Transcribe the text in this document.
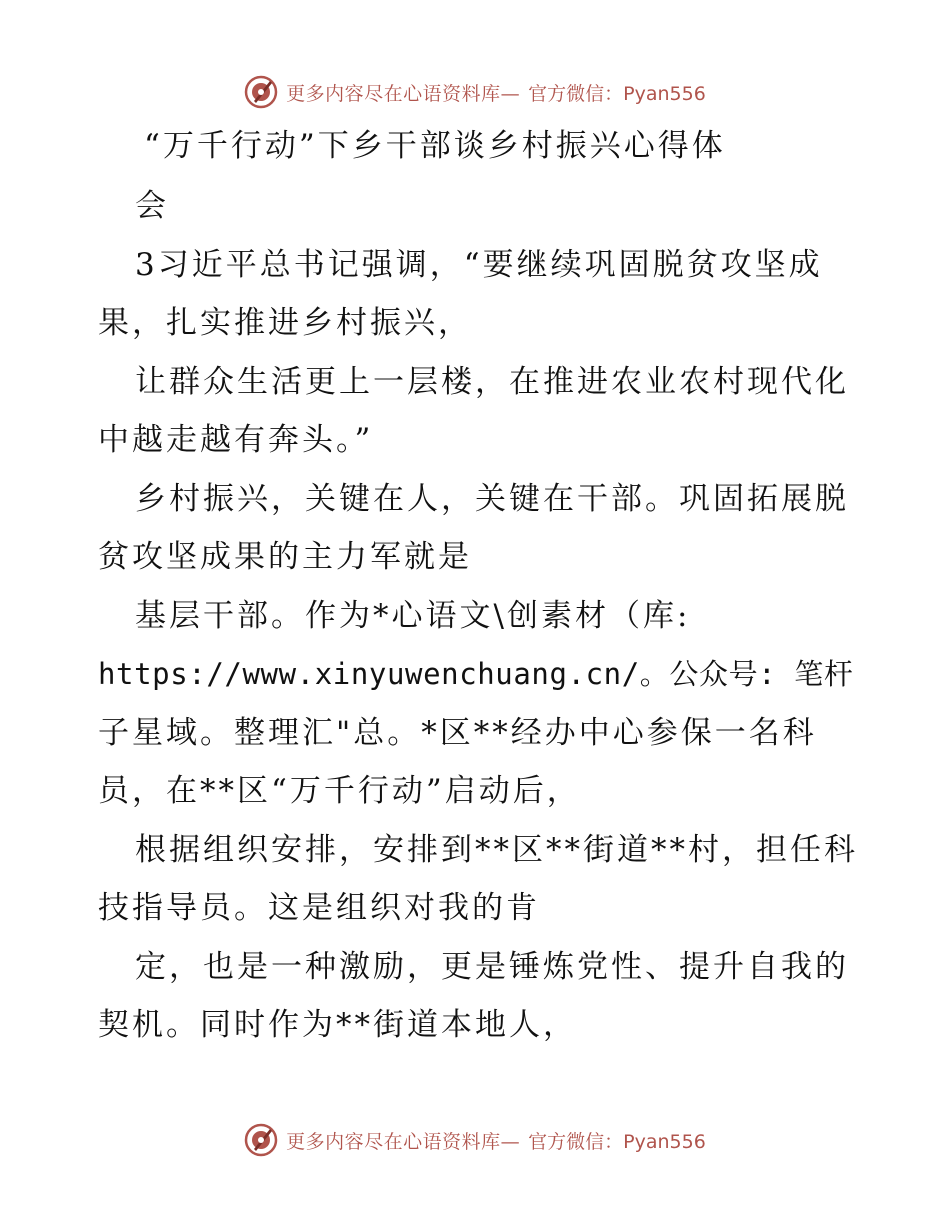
更多内容尽在心语资料库— 官方微信：Pyan556
“万千行动”下乡干部谈乡村振兴心得体
会
3习近平总书记强调，“要继续巩固脱贫攻坚成
果，扎实推进乡村振兴，
让群众生活更上一层楼，在推进农业农村现代化
中越走越有奔头。”
乡村振兴，关键在人，关键在干部。巩固拓展脱
贫攻坚成果的主力军就是
基层干部。作为*心语文\创素材（库:
https://www.xinyuwenchuang.cn/。公众号: 笔杆
子星域。整理汇"总。*区**经办中心参保一名科
员，在**区“万千行动”启动后，
根据组织安排，安排到**区**街道**村，担任科
技指导员。这是组织对我的肯
定，也是一种激励，更是锤炼党性、提升自我的
契机。同时作为**街道本地人，
更多内容尽在心语资料库— 官方微信：Pyan556
